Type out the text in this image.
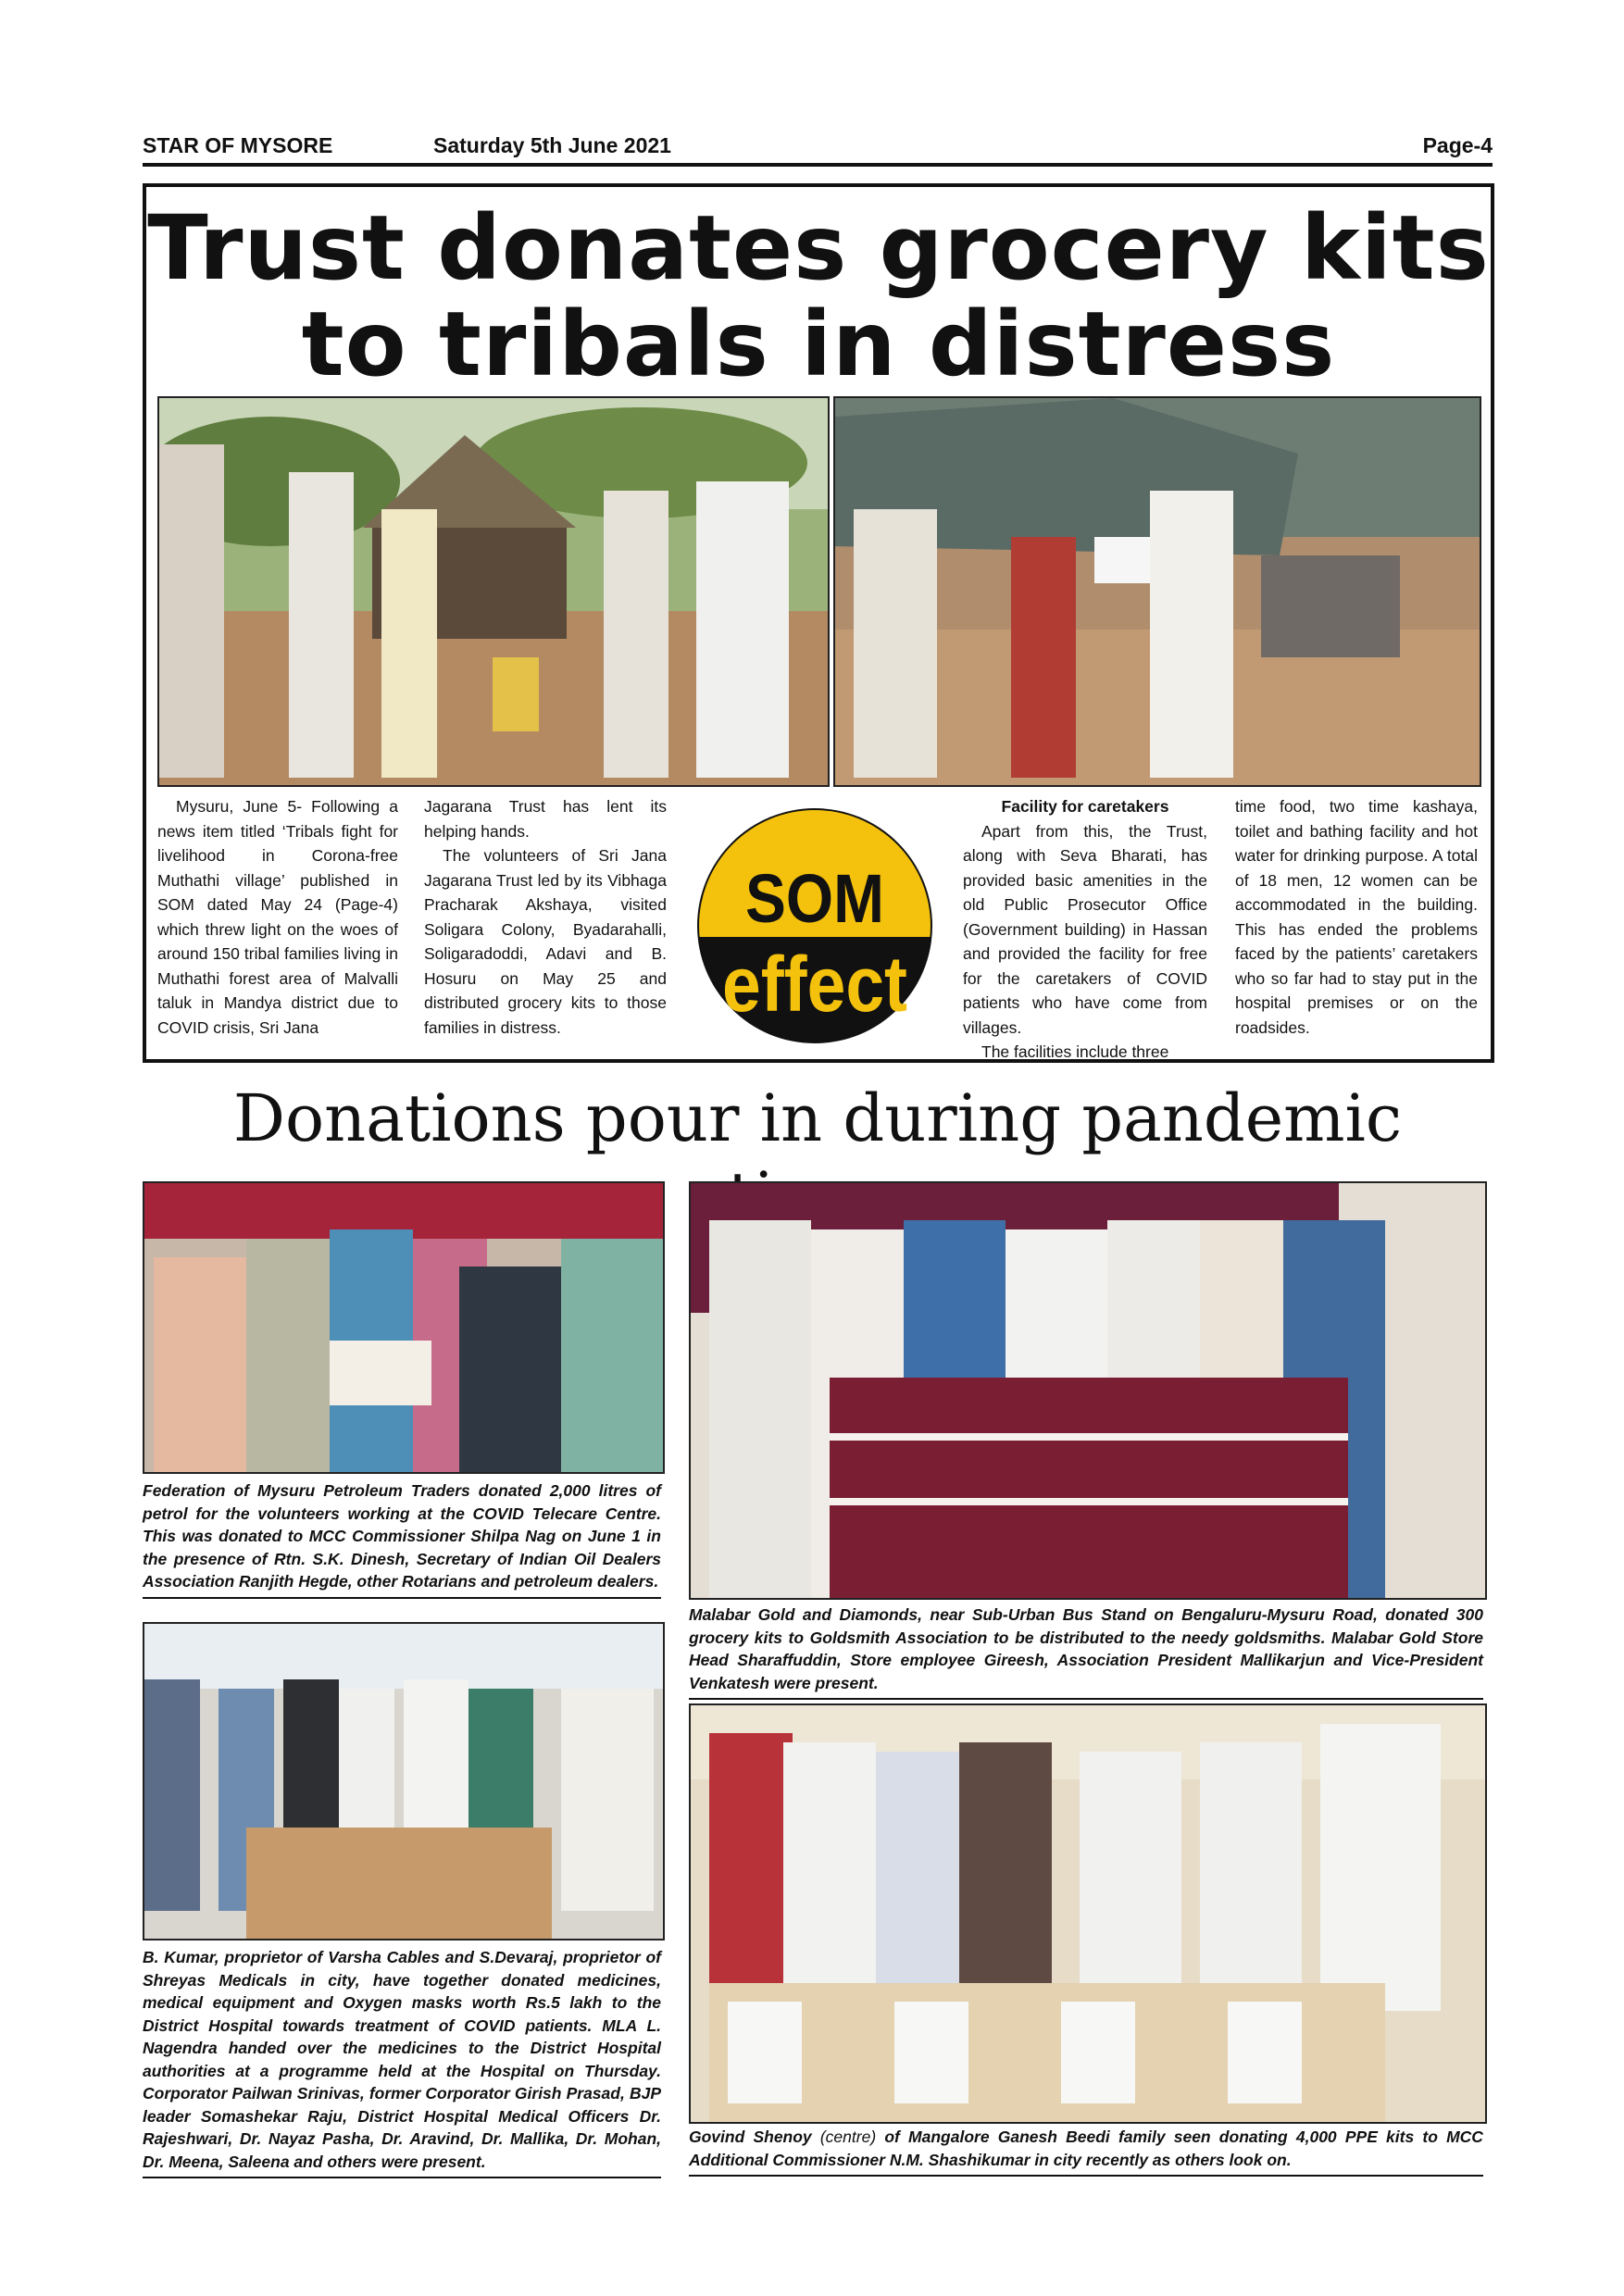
STAR OF MYSORE	Saturday 5th June 2021	Page-4
Trust donates grocery kits
to tribals in distress

Mysuru, June 5- Following a news item titled ‘Tribals fight for livelihood in Corona-free Muthathi village’ published in SOM dated May 24 (Page-4) which threw light on the woes of around 150 tribal families living in Muthathi forest area of Malvalli taluk in Mandya district due to COVID crisis, Sri Jana

Jagarana Trust has lent its helping hands.

The volunteers of Sri Jana Jagarana Trust led by its Vibhaga Pracharak Akshaya, visited Soligara Colony, Byadarahalli, Soligaradoddi, Adavi and B. Hosuru on May 25 and distributed grocery kits to those families in distress.

SOM
effect
Facility for caretakers

Apart from this, the Trust, along with Seva Bharati, has provided basic amenities in the old Public Prosecutor Office (Government building) in Hassan and provided the facility for free for the caretakers of COVID patients who have come from villages.

The facilities include three

time food, two time kashaya, toilet and bathing facility and hot water for drinking purpose. A total of 18 men, 12 women can be accommodated in the building. This has ended the problems faced by the patients’ caretakers who so far had to stay put in the hospital premises or on the roadsides.

Donations pour in during pandemic
Federation of Mysuru Petroleum Traders donated 2,000 litres of petrol for the volunteers working at the COVID Telecare Centre. This was donated to MCC Commissioner Shilpa Nag on June 1 in the presence of Rtn. S.K. Dinesh, Secretary of Indian Oil Dealers Association Ranjith Hegde, other Rotarians and petroleum dealers.
Malabar Gold and Diamonds, near Sub-Urban Bus Stand on Bengaluru-Mysuru Road, donated 300 grocery kits to Goldsmith Association to be distributed to the needy goldsmiths. Malabar Gold Store Head Sharaffuddin, Store employee Gireesh, Association President Mallikarjun and Vice-President Venkatesh were present.
B. Kumar, proprietor of Varsha Cables and S.Devaraj, proprietor of Shreyas Medicals in city, have together donated medicines, medical equipment and Oxygen masks worth Rs.5 lakh to the District Hospital towards treatment of COVID patients. MLA L. Nagendra handed over the medicines to the District Hospital authorities at a programme held at the Hospital on Thursday. Corporator Pailwan Srinivas, former Corporator Girish Prasad, BJP leader Somashekar Raju, District Hospital Medical Officers Dr. Rajeshwari, Dr. Nayaz Pasha, Dr. Aravind, Dr. Mallika, Dr. Mohan, Dr. Meena, Saleena and others were present.
Govind Shenoy (centre) of Mangalore Ganesh Beedi family seen donating 4,000 PPE kits to MCC Additional Commissioner N.M. Shashikumar in city recently as others look on.
